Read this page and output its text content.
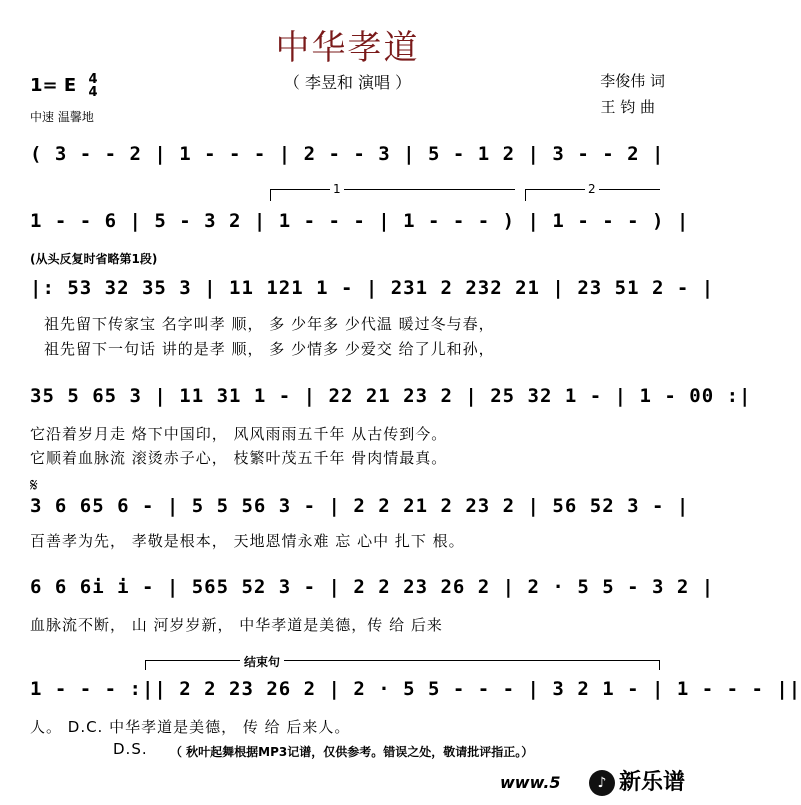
中华孝道
（ 李昱和 演唱 ）
1= E 4
4
中速 温馨地
李俊伟 词
王 钧 曲
( 3 - - 2 | 1 - - - | 2 - - 3 | 5 - 1 2 | 3 - - 2 |
1	2
1 - - 6 | 5 - 3 2 | 1 - - - | 1 - - - ) | 1 - - - ) |
(从头反复时省略第1段)
|: 53 32 35 3 | 11 121 1 - | 231 2 232 21 | 23 51 2 - |
祖先留下传家宝 名字叫孝 顺， 多 少年多 少代温 暖过冬与春，
祖先留下一句话 讲的是孝 顺， 多 少情多 少爱交 给了儿和孙，
35 5 65 3 | 11 31 1 - | 22 21 23 2 | 25 32 1 - | 1 - 00 :|
它沿着岁月走 烙下中国印， 风风雨雨五千年 从古传到今。
它顺着血脉流 滚烫赤子心， 枝繁叶茂五千年 骨肉情最真。
𝄋
3 6 65 6 - | 5 5 56 3 - | 2 2 21 2 23 2 | 56 52 3 - |
百善孝为先， 孝敬是根本， 天地恩情永难 忘 心中 扎下 根。
6 6 6i i - | 565 52 3 - | 2 2 23 26 2 | 2 · 5 5 - 3 2 |
血脉流不断， 山 河岁岁新， 中华孝道是美德，传 给 后来
结束句
1 - - - :|| 2 2 23 26 2 | 2 · 5 5 - - - | 3 2 1 - | 1 - - - ||
人。 D.C. 中华孝道是美德， 传 给 后来人。
D.S. （ 秋叶起舞根据MP3记谱，仅供参考。错误之处，敬请批评指正。）
www.5	♪ 新乐谱
